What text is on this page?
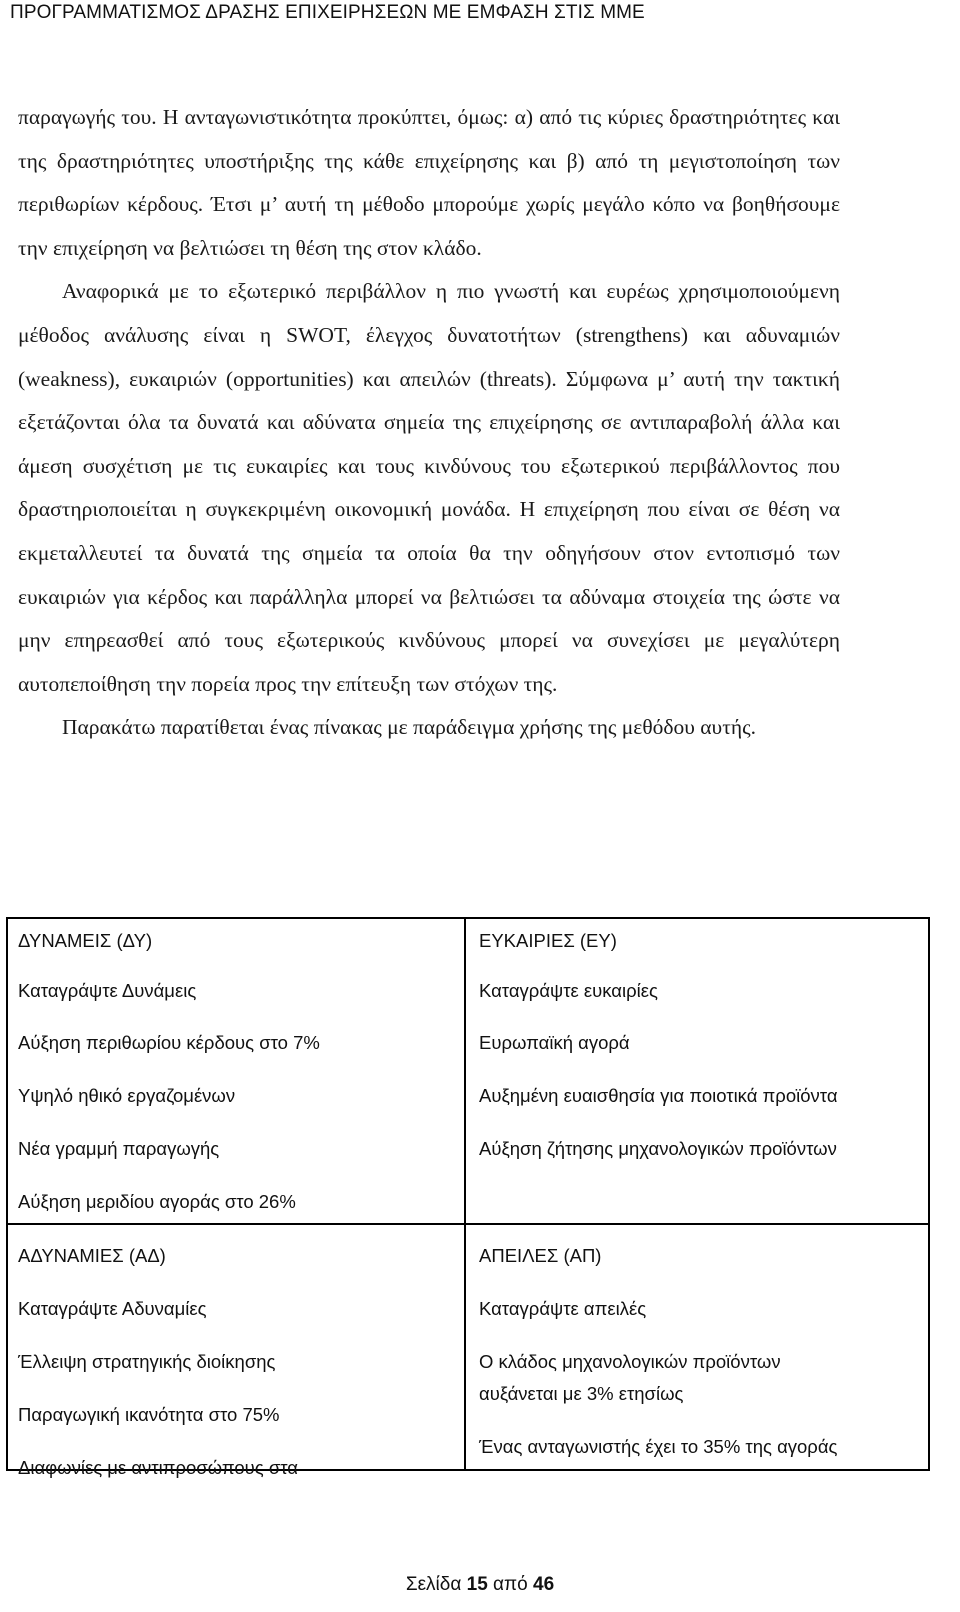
ΠΡΟΓΡΑΜΜΑΤΙΣΜΟΣ ΔΡΑΣΗΣ ΕΠΙΧΕΙΡΗΣΕΩΝ ΜΕ ΕΜΦΑΣΗ ΣΤΙΣ ΜΜΕ

παραγωγής του. Η ανταγωνιστικότητα προκύπτει, όμως: α) από τις κύριες δραστηριότητες και της δραστηριότητες υποστήριξης της κάθε επιχείρησης και β) από τη μεγιστοποίηση των περιθωρίων κέρδους. Έτσι μ’ αυτή τη μέθοδο μπορούμε χωρίς μεγάλο κόπο να βοηθήσουμε την επιχείρηση να βελτιώσει τη θέση της στον κλάδο.

Αναφορικά με το εξωτερικό περιβάλλον η πιο γνωστή και ευρέως χρησιμοποιούμενη μέθοδος ανάλυσης είναι η SWOT, έλεγχος δυνατοτήτων (strengthens) και αδυναμιών (weakness), ευκαιριών (opportunities) και απειλών (threats). Σύμφωνα μ’ αυτή την τακτική εξετάζονται όλα τα δυνατά και αδύνατα σημεία της επιχείρησης σε αντιπαραβολή άλλα και άμεση συσχέτιση με τις ευκαιρίες και τους κινδύνους του εξωτερικού περιβάλλοντος που δραστηριοποιείται η συγκεκριμένη οικονομική μονάδα. Η επιχείρηση που είναι σε θέση να εκμεταλλευτεί τα δυνατά της σημεία τα οποία θα την οδηγήσουν στον εντοπισμό των ευκαιριών για κέρδος και παράλληλα μπορεί να βελτιώσει τα αδύναμα στοιχεία της ώστε να μην επηρεασθεί από τους εξωτερικούς κινδύνους μπορεί να συνεχίσει με μεγαλύτερη αυτοπεποίθηση την πορεία προς την επίτευξη των στόχων της.

Παρακάτω παρατίθεται ένας πίνακας με παράδειγμα χρήσης της μεθόδου αυτής.

ΔΥΝΑΜΕΙΣ (ΔΥ)
Καταγράψτε Δυνάμεις
Αύξηση περιθωρίου κέρδους στο 7%
Υψηλό ηθικό εργαζομένων
Νέα γραμμή παραγωγής
Αύξηση μεριδίου αγοράς στο 26%
ΕΥΚΑΙΡΙΕΣ (ΕΥ)
Καταγράψτε ευκαιρίες
Ευρωπαϊκή αγορά
Αυξημένη ευαισθησία για ποιοτικά προϊόντα
Αύξηση ζήτησης μηχανολογικών προϊόντων
ΑΔΥΝΑΜΙΕΣ (ΑΔ)
Καταγράψτε Αδυναμίες
Έλλειψη στρατηγικής διοίκησης
Παραγωγική ικανότητα στο 75%
Διαφωνίες με αντιπροσώπους στα
ΑΠΕΙΛΕΣ (ΑΠ)
Καταγράψτε απειλές
Ο κλάδος μηχανολογικών προϊόντων
αυξάνεται με 3% ετησίως
Ένας ανταγωνιστής έχει το 35% της αγοράς
Σελίδα 15 από 46
